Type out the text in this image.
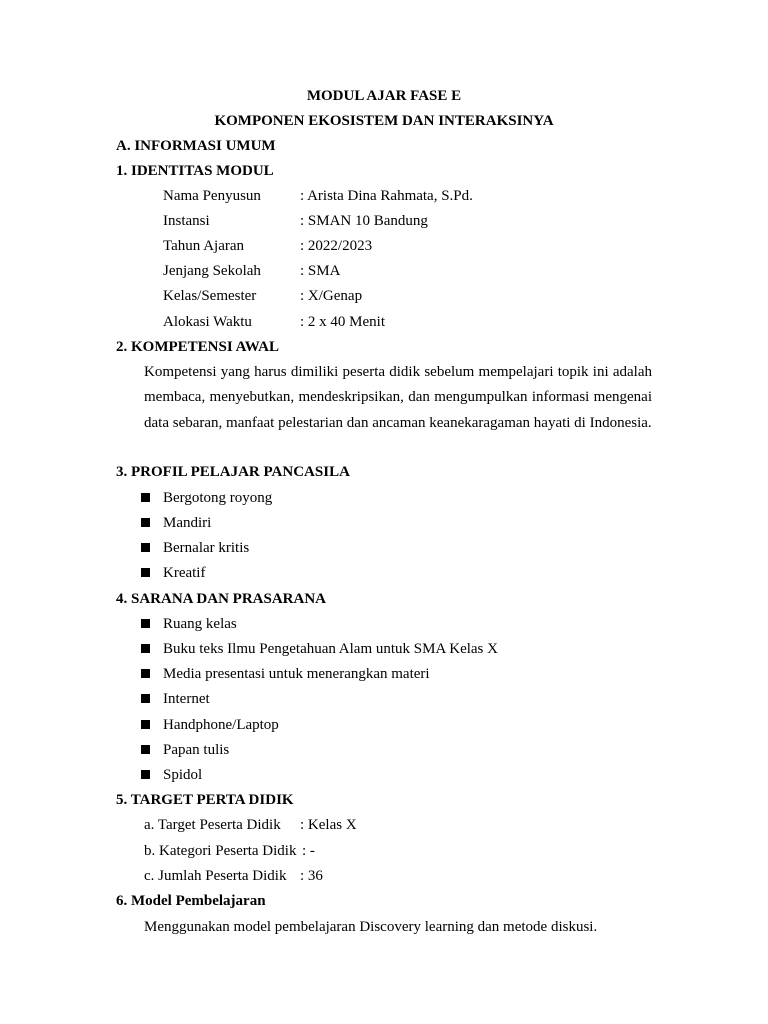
MODUL AJAR FASE E
KOMPONEN EKOSISTEM DAN INTERAKSINYA
A. INFORMASI UMUM
1. IDENTITAS MODUL
Nama Penyusun	: Arista Dina Rahmata, S.Pd.
Instansi	: SMAN 10 Bandung
Tahun Ajaran	: 2022/2023
Jenjang Sekolah	: SMA
Kelas/Semester	: X/Genap
Alokasi Waktu	: 2 x 40 Menit
2. KOMPETENSI AWAL
Kompetensi yang harus dimiliki peserta didik sebelum mempelajari topik ini adalah membaca, menyebutkan, mendeskripsikan, dan mengumpulkan informasi mengenai data sebaran, manfaat pelestarian dan ancaman keanekaragaman hayati di Indonesia.
3. PROFIL PELAJAR PANCASILA
Bergotong royong
Mandiri
Bernalar kritis
Kreatif
4. SARANA DAN PRASARANA
Ruang kelas
Buku teks Ilmu Pengetahuan Alam untuk SMA Kelas X
Media presentasi untuk menerangkan materi
Internet
Handphone/Laptop
Papan tulis
Spidol
5. TARGET PERTA DIDIK
a. Target Peserta Didik : Kelas X
b. Kategori Peserta Didik : -
c. Jumlah Peserta Didik : 36
6. Model Pembelajaran
Menggunakan model pembelajaran Discovery learning dan metode diskusi.
